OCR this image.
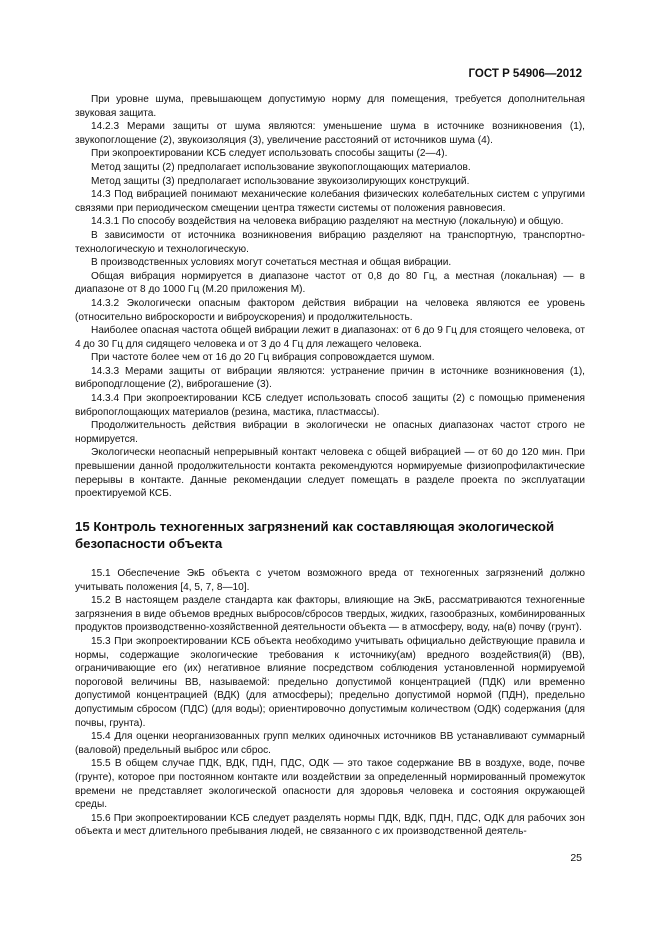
ГОСТ Р 54906—2012

При уровне шума, превышающем допустимую норму для помещения, требуется дополнительная звуковая защита.

14.2.3 Мерами защиты от шума являются: уменьшение шума в источнике возникновения (1), звукопоглощение (2), звукоизоляция (3), увеличение расстояний от источников шума (4).

При экопроектировании КСБ следует использовать способы защиты (2—4).

Метод защиты (2) предполагает использование звукопоглощающих материалов.

Метод защиты (3) предполагает использование звукоизолирующих конструкций.

14.3 Под вибрацией понимают механические колебания физических колебательных систем с упругими связями при периодическом смещении центра тяжести системы от положения равновесия.

14.3.1 По способу воздействия на человека вибрацию разделяют на местную (локальную) и общую.

В зависимости от источника возникновения вибрацию разделяют на транспортную, транспортно-технологическую и технологическую.

В производственных условиях могут сочетаться местная и общая вибрации.

Общая вибрация нормируется в диапазоне частот от 0,8 до 80 Гц, а местная (локальная) — в диапазоне от 8 до 1000 Гц (М.20 приложения М).

14.3.2 Экологически опасным фактором действия вибрации на человека являются ее уровень (относительно виброскорости и виброускорения) и продолжительность.

Наиболее опасная частота общей вибрации лежит в диапазонах: от 6 до 9 Гц для стоящего человека, от 4 до 30 Гц для сидящего человека и от 3 до 4 Гц для лежащего человека.

При частоте более чем от 16 до 20 Гц вибрация сопровождается шумом.

14.3.3 Мерами защиты от вибрации являются: устранение причин в источнике возникновения (1), виброподглощение (2), виброгашение (3).

14.3.4 При экопроектировании КСБ следует использовать способ защиты (2) с помощью применения вибропоглощающих материалов (резина, мастика, пластмассы).

Продолжительность действия вибрации в экологически не опасных диапазонах частот строго не нормируется.

Экологически неопасный непрерывный контакт человека с общей вибрацией — от 60 до 120 мин. При превышении данной продолжительности контакта рекомендуются нормируемые физиопрофилактические перерывы в контакте. Данные рекомендации следует помещать в разделе проекта по эксплуатации проектируемой КСБ.

15 Контроль техногенных загрязнений как составляющая экологической безопасности объекта

15.1 Обеспечение ЭкБ объекта с учетом возможного вреда от техногенных загрязнений должно учитывать положения [4, 5, 7, 8—10].

15.2 В настоящем разделе стандарта как факторы, влияющие на ЭкБ, рассматриваются техногенные загрязнения в виде объемов вредных выбросов/сбросов твердых, жидких, газообразных, комбинированных продуктов производственно-хозяйственной деятельности объекта — в атмосферу, воду, на(в) почву (грунт).

15.3 При экопроектировании КСБ объекта необходимо учитывать официально действующие правила и нормы, содержащие экологические требования к источнику(ам) вредного воздействия(й) (ВВ), ограничивающие его (их) негативное влияние посредством соблюдения установленной нормируемой пороговой величины ВВ, называемой: предельно допустимой концентрацией (ПДК) или временно допустимой концентрацией (ВДК) (для атмосферы); предельно допустимой нормой (ПДН), предельно допустимым сбросом (ПДС) (для воды); ориентировочно допустимым количеством (ОДК) содержания (для почвы, грунта).

15.4 Для оценки неорганизованных групп мелких одиночных источников ВВ устанавливают суммарный (валовой) предельный выброс или сброс.

15.5 В общем случае ПДК, ВДК, ПДН, ПДС, ОДК — это такое содержание ВВ в воздухе, воде, почве (грунте), которое при постоянном контакте или воздействии за определенный нормированный промежуток времени не представляет экологической опасности для здоровья человека и состояния окружающей среды.

15.6 При экопроектировании КСБ следует разделять нормы ПДК, ВДК, ПДН, ПДС, ОДК для рабочих зон объекта и мест длительного пребывания людей, не связанного с их производственной деятель-

25
